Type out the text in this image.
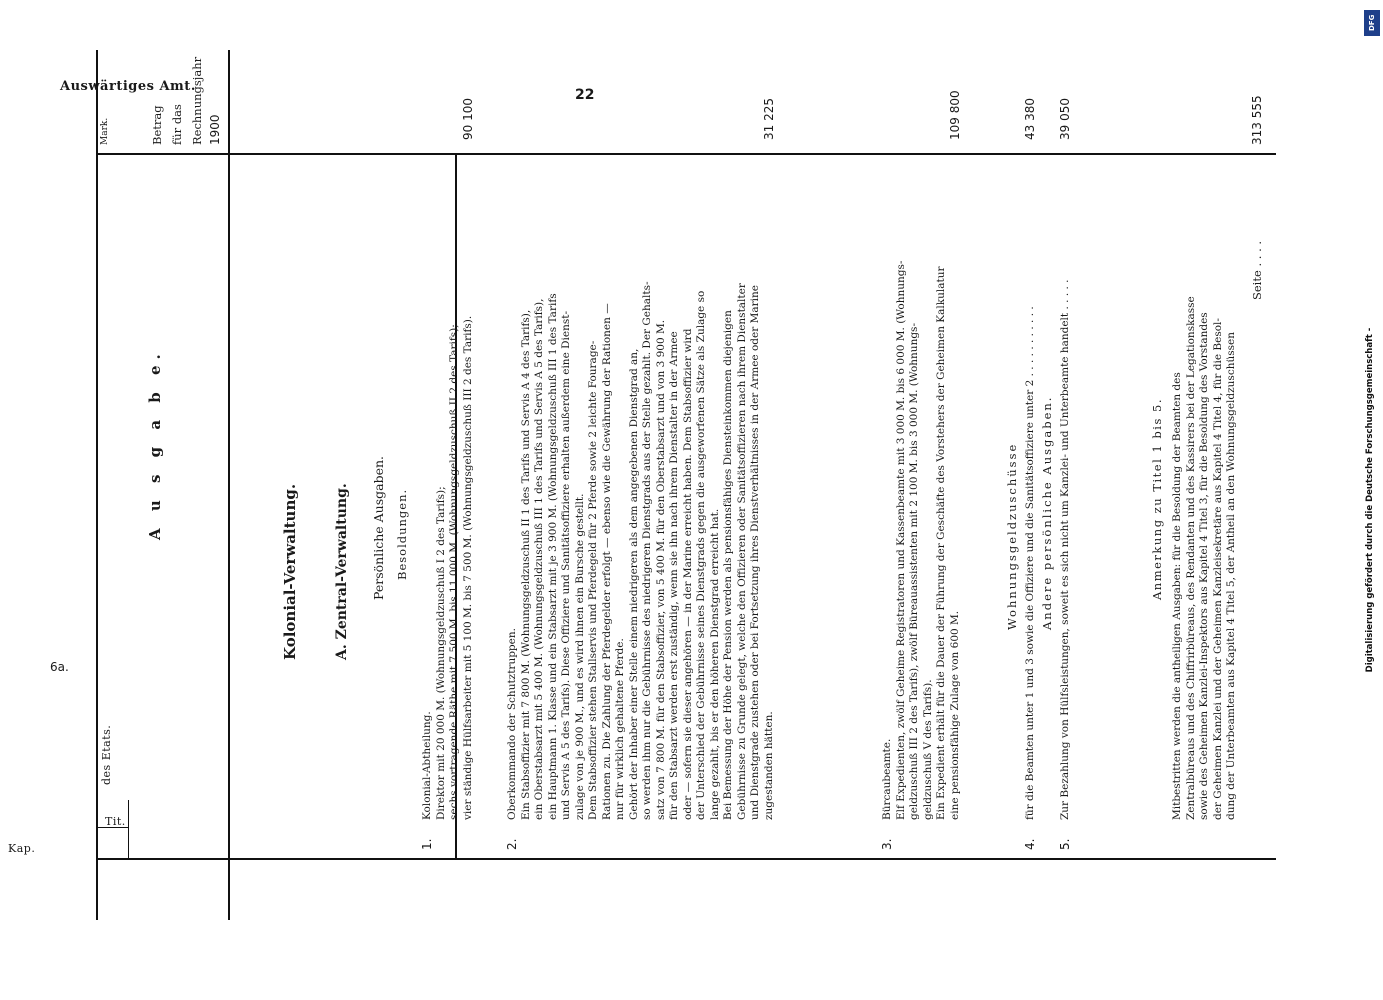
DFG
Digitalisierung gefördert durch die Deutsche Forschungsgemeinschaft -
Auswärtiges Amt.
22
Kap.
Tit.
des Etats.
Betrag für das Rechnungsjahr 1900
Mark.
6a.
A u s g a b e.
Kolonial-Verwaltung.	A. Zentral-Verwaltung. Persönliche Ausgaben. Besoldungen.
1.
Kolonial-Abtheilung. Direktor mit 20 000 M. (Wohnungsgeldzuschuß I 2 des Tarifs); sechs vortragende Räthe mit 7 500 M. bis 11 000 M. (Wohnungsgeldzuschuß II 2 des Tarifs); vier ständige Hülfsarbeiter mit 5 100 M. bis 7 500 M. (Wohnungsgeldzuschuß III 2 des Tarifs).
90 100
2.
Oberkommando der Schutztruppen. Ein Stabsoffizier mit 7 800 M. (Wohnungsgeldzuschuß II 1 des Tarifs und Servis A 4 des Tarifs), ein Oberstabsarzt mit 5 400 M. (Wohnungsgeldzuschuß III 1 des Tarifs und Servis A 5 des Tarifs), ein Hauptmann 1. Klasse und ein Stabsarzt mit je 3 900 M. (Wohnungsgeldzuschuß III 1 des Tarifs und Servis A 5 des Tarifs). Diese Offiziere und Sanitätsoffiziere erhalten außerdem eine Dienst- zulage von je 900 M., und es wird ihnen ein Bursche gestellt. Dem Stabsoffizier stehen Stallservis und Pferdegeld für 2 Pferde sowie 2 leichte Fourage- Rationen zu. Die Zahlung der Pferdegelder erfolgt — ebenso wie die Gewährung der Rationen — nur für wirklich gehaltene Pferde. Gehört der Inhaber einer Stelle einem niedrigeren als dem angegebenen Dienstgrad an, so werden ihm nur die Gebührnisse des niedrigeren Dienstgrads aus der Stelle gezahlt. Der Gehalts- satz von 7 800 M. für den Stabsoffizier, von 5 400 M. für den Oberstabsarzt und von 3 900 M. für den Stabsarzt werden erst zuständig, wenn sie ihn nach ihrem Dienstalter in der Armee oder — sofern sie dieser angehören — in der Marine erreicht haben. Dem Stabsoffizier wird der Unterschied der Gebührnisse seines Dienstgrads gegen die ausgeworfenen Sätze als Zulage so lange gezahlt, bis er den höheren Dienstgrad erreicht hat. Bei Bemessung der Höhe der Pension werden als pensionsfähiges Diensteinkommen diejenigen Gebührnisse zu Grunde gelegt, welche den Offizieren oder Sanitätsoffizieren nach ihrem Dienstalter und Dienstgrade zustehen oder bei Fortsetzung ihres Dienstverhältnisses in der Armee oder Marine zugestanden hätten.
31 225
3.
Bürcaubeamte. Elf Expedienten, zwölf Geheime Registratoren und Kassenbeamte mit 3 000 M. bis 6 000 M. (Wohnungs- geldzuschuß III 2 des Tarifs), zwölf Büreauassistenten mit 2 100 M. bis 3 000 M. (Wohnungs- geldzuschuß V des Tarifs). Ein Expedient erhält für die Dauer der Führung der Geschäfte des Vorstehers der Geheimen Kalkulatur eine pensionsfähige Zulage von 600 M.
109 800
Wohnungsgeldzuschüsse
4.
für die Beamten unter 1 und 3 sowie die Offiziere und die Sanitätsoffiziere unter 2 . . . . . . . . . . .
43 380
Andere persönliche Ausgaben.
5.
Zur Bezahlung von Hülfsleistungen, soweit es sich nicht um Kanzlei- und Unterbeamte handelt . . . . .
39 050
Anmerkung zu Titel 1 bis 5. Mitbestritten werden die antheiligen Ausgaben: für die Besoldung der Beamten des Zentralbüreaus und des Chiffrirbüreaus, des Rendanten und des Kassirers bei der Legationskasse sowie des Geheimen Kanzlei-Inspektors aus Kapitel 4 Titel 3, für die Besoldung des Vorstandes der Geheimen Kanzlei und der Geheimen Kanzleisekretäre aus Kapitel 4 Titel 4, für die Besol- dung der Unterbeamten aus Kapitel 4 Titel 5, der Antheil an den Wohnungsgeldzuschüssen
Seite . . . .
313 555
